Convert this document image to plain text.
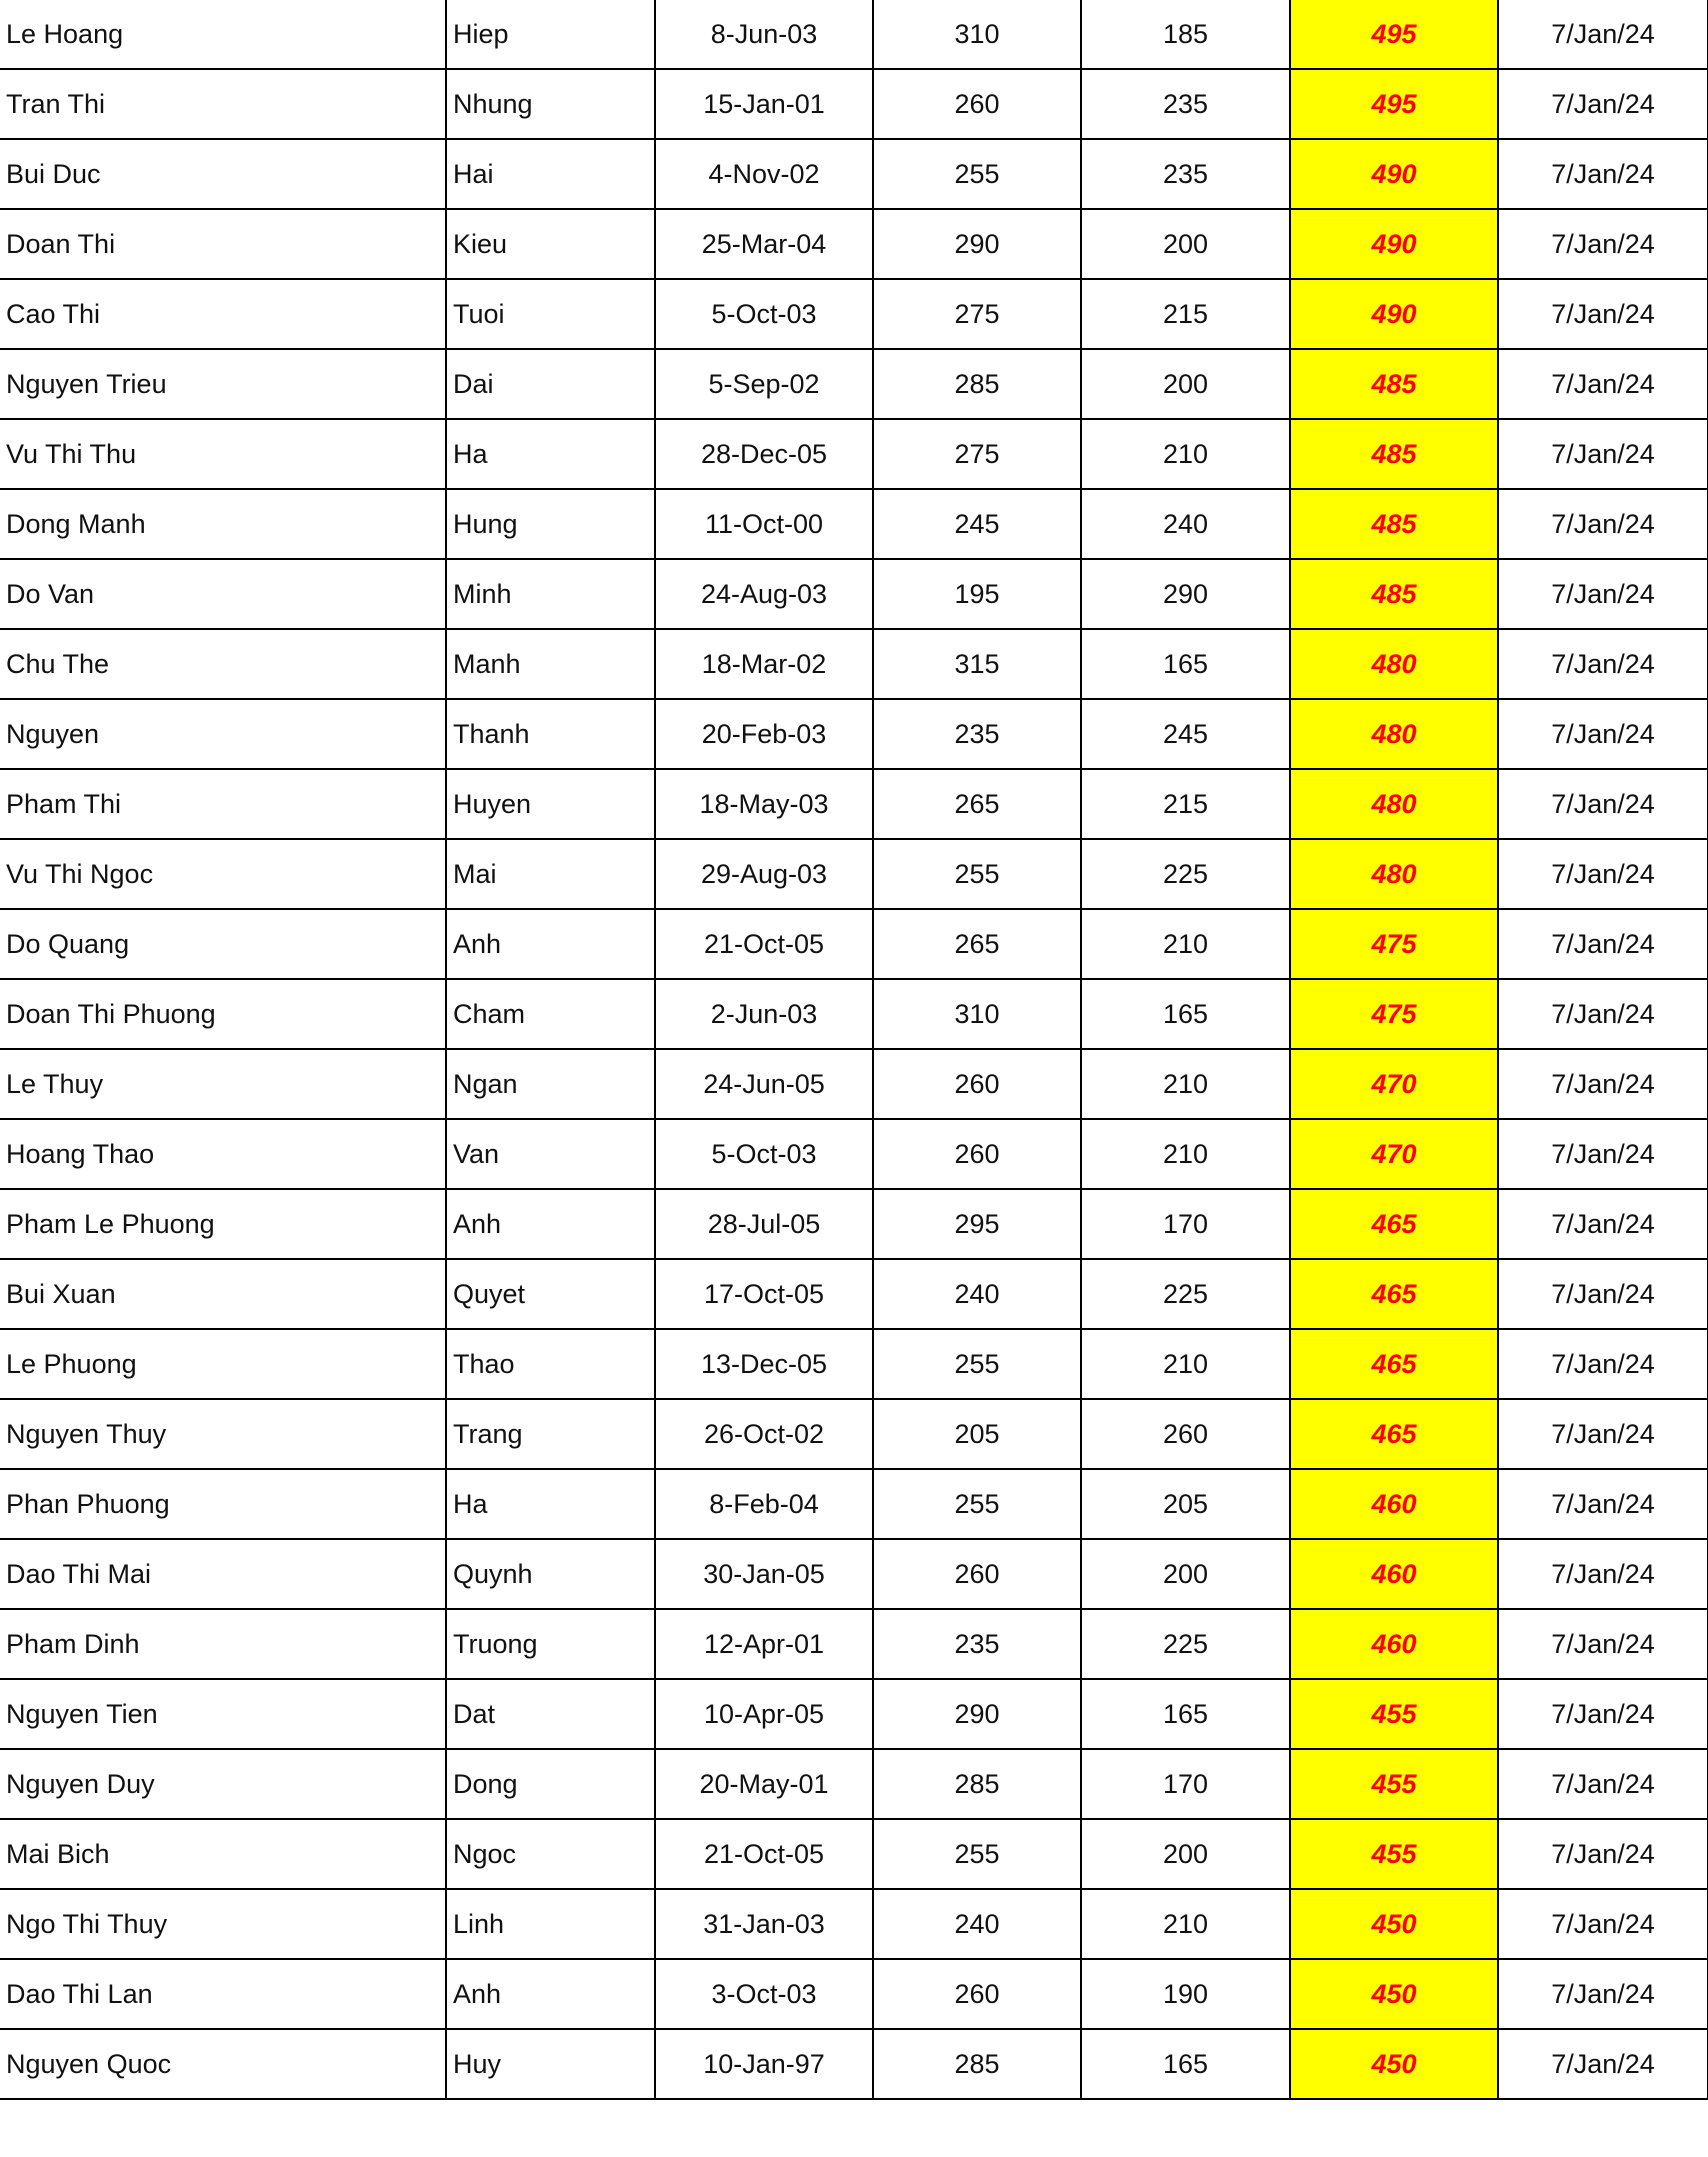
Le Hoang	Hiep	8-Jun-03	310	185	495	7/Jan/24
Tran Thi	Nhung	15-Jan-01	260	235	495	7/Jan/24
Bui Duc	Hai	4-Nov-02	255	235	490	7/Jan/24
Doan Thi	Kieu	25-Mar-04	290	200	490	7/Jan/24
Cao Thi	Tuoi	5-Oct-03	275	215	490	7/Jan/24
Nguyen Trieu	Dai	5-Sep-02	285	200	485	7/Jan/24
Vu Thi Thu	Ha	28-Dec-05	275	210	485	7/Jan/24
Dong Manh	Hung	11-Oct-00	245	240	485	7/Jan/24
Do Van	Minh	24-Aug-03	195	290	485	7/Jan/24
Chu The	Manh	18-Mar-02	315	165	480	7/Jan/24
Nguyen	Thanh	20-Feb-03	235	245	480	7/Jan/24
Pham Thi	Huyen	18-May-03	265	215	480	7/Jan/24
Vu Thi Ngoc	Mai	29-Aug-03	255	225	480	7/Jan/24
Do Quang	Anh	21-Oct-05	265	210	475	7/Jan/24
Doan Thi Phuong	Cham	2-Jun-03	310	165	475	7/Jan/24
Le Thuy	Ngan	24-Jun-05	260	210	470	7/Jan/24
Hoang Thao	Van	5-Oct-03	260	210	470	7/Jan/24
Pham Le Phuong	Anh	28-Jul-05	295	170	465	7/Jan/24
Bui Xuan	Quyet	17-Oct-05	240	225	465	7/Jan/24
Le Phuong	Thao	13-Dec-05	255	210	465	7/Jan/24
Nguyen Thuy	Trang	26-Oct-02	205	260	465	7/Jan/24
Phan Phuong	Ha	8-Feb-04	255	205	460	7/Jan/24
Dao Thi Mai	Quynh	30-Jan-05	260	200	460	7/Jan/24
Pham Dinh	Truong	12-Apr-01	235	225	460	7/Jan/24
Nguyen Tien	Dat	10-Apr-05	290	165	455	7/Jan/24
Nguyen Duy	Dong	20-May-01	285	170	455	7/Jan/24
Mai Bich	Ngoc	21-Oct-05	255	200	455	7/Jan/24
Ngo Thi Thuy	Linh	31-Jan-03	240	210	450	7/Jan/24
Dao Thi Lan	Anh	3-Oct-03	260	190	450	7/Jan/24
Nguyen Quoc	Huy	10-Jan-97	285	165	450	7/Jan/24
